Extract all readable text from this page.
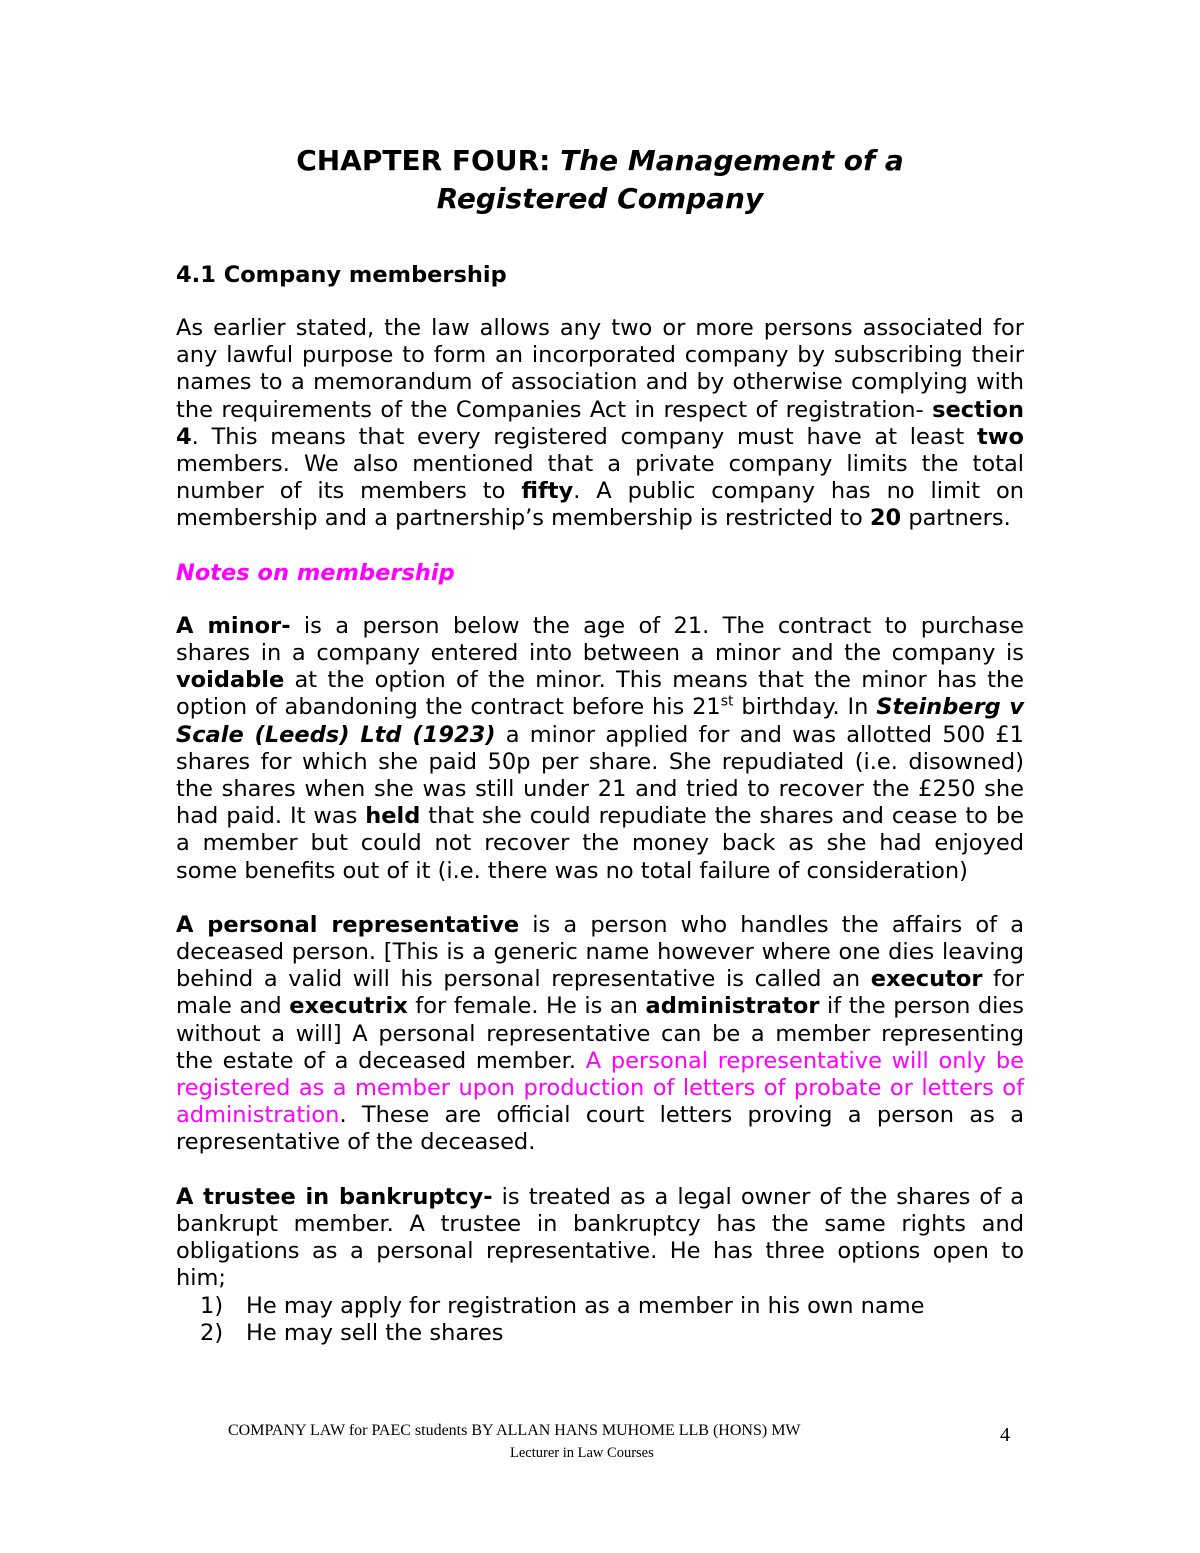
CHAPTER FOUR: The Management of a
Registered Company
4.1 Company membership

As earlier stated, the law allows any two or more persons associated for any lawful purpose to form an incorporated company by subscribing their names to a memorandum of association and by otherwise complying with the requirements of the Companies Act in respect of registration- section 4. This means that every registered company must have at least two members. We also mentioned that a private company limits the total number of its members to fifty. A public company has no limit on membership and a partnership’s membership is restricted to 20 partners.

Notes on membership

A minor- is a person below the age of 21. The contract to purchase shares in a company entered into between a minor and the company is voidable at the option of the minor. This means that the minor has the option of abandoning the contract before his 21st birthday. In Steinberg v Scale (Leeds) Ltd (1923) a minor applied for and was allotted 500 £1 shares for which she paid 50p per share. She repudiated (i.e. disowned) the shares when she was still under 21 and tried to recover the £250 she had paid. It was held that she could repudiate the shares and cease to be a member but could not recover the money back as she had enjoyed some benefits out of it (i.e. there was no total failure of consideration)

A personal representative is a person who handles the affairs of a deceased person. [This is a generic name however where one dies leaving behind a valid will his personal representative is called an executor for male and executrix for female. He is an administrator if the person dies without a will] A personal representative can be a member representing the estate of a deceased member. A personal representative will only be registered as a member upon production of letters of probate or letters of administration. These are official court letters proving a person as a representative of the deceased.

A trustee in bankruptcy- is treated as a legal owner of the shares of a bankrupt member. A trustee in bankruptcy has the same rights and obligations as a personal representative. He has three options open to him;

1) He may apply for registration as a member in his own name
2) He may sell the shares
COMPANY LAW for PAEC students BY ALLAN HANS MUHOME LLB (HONS) MW
Lecturer in Law Courses
4
